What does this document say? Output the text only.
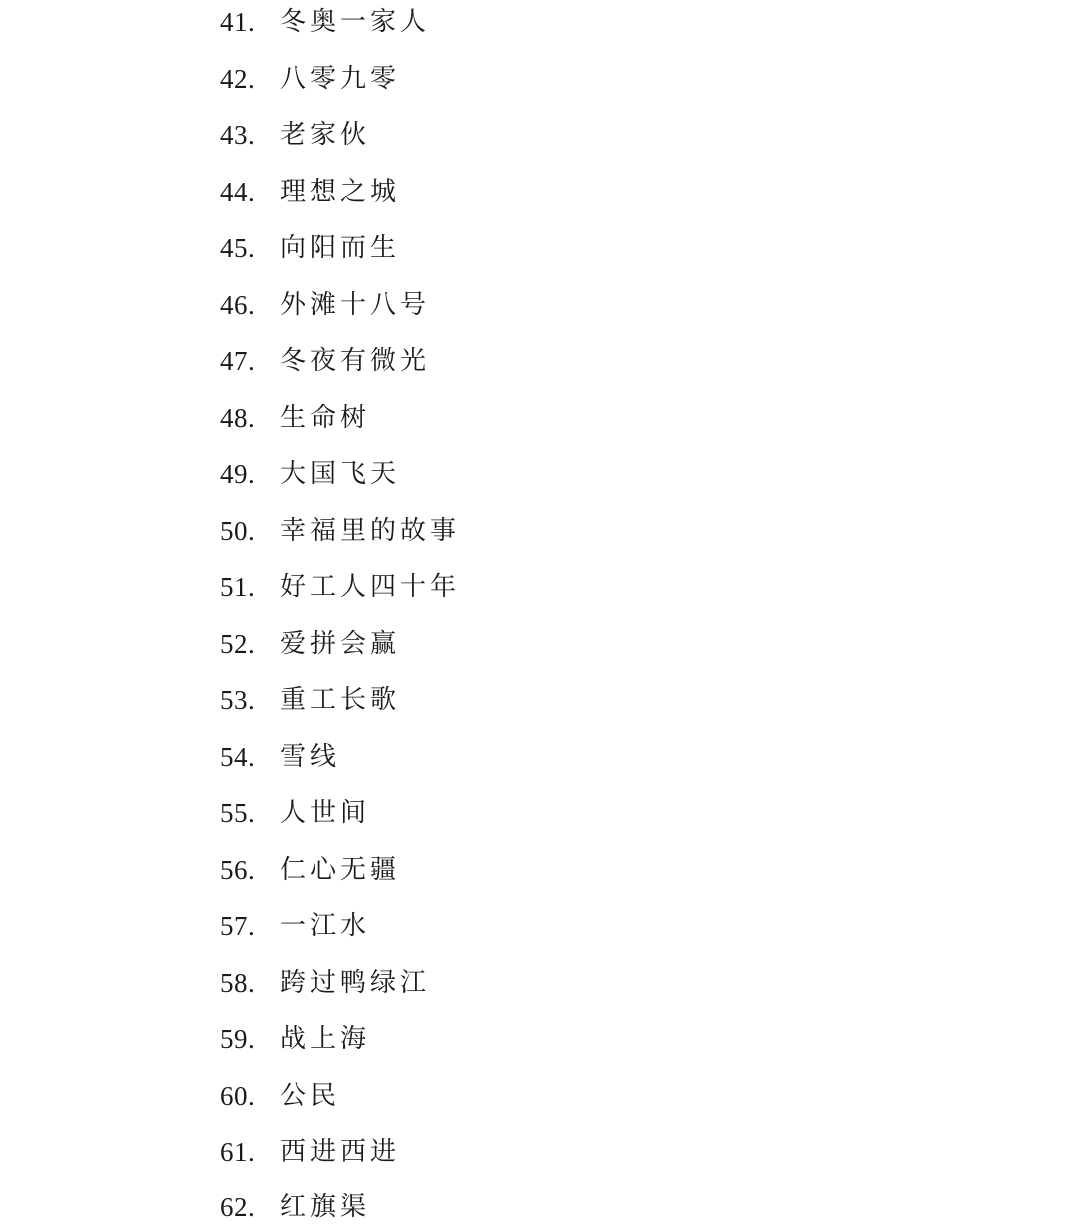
41. 冬奥一家人
42. 八零九零
43. 老家伙
44. 理想之城
45. 向阳而生
46. 外滩十八号
47. 冬夜有微光
48. 生命树
49. 大国飞天
50. 幸福里的故事
51. 好工人四十年
52. 爱拼会赢
53. 重工长歌
54. 雪线
55. 人世间
56. 仁心无疆
57. 一江水
58. 跨过鸭绿江
59. 战上海
60. 公民
61. 西进西进
62. 红旗渠
